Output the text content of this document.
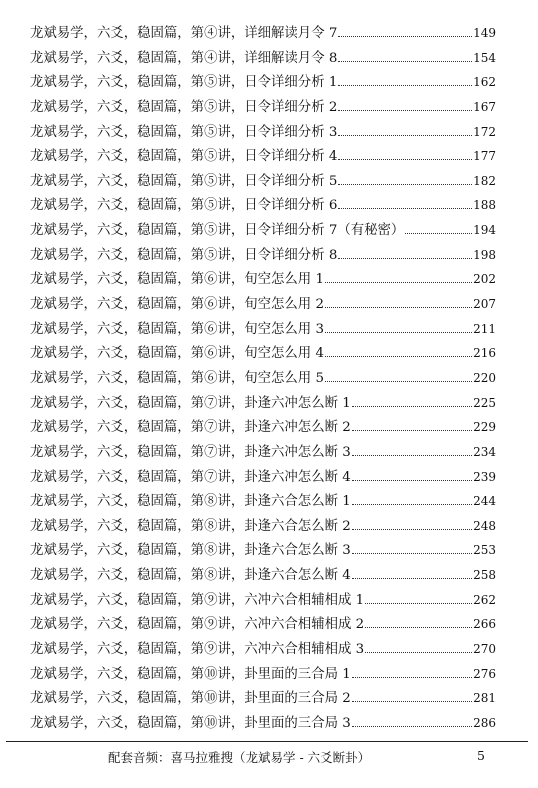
龙斌易学，六爻，稳固篇，第④讲，详细解读月令 7	149
龙斌易学，六爻，稳固篇，第④讲，详细解读月令 8	154
龙斌易学，六爻，稳固篇，第⑤讲，日令详细分析 1	162
龙斌易学，六爻，稳固篇，第⑤讲，日令详细分析 2	167
龙斌易学，六爻，稳固篇，第⑤讲，日令详细分析 3	172
龙斌易学，六爻，稳固篇，第⑤讲，日令详细分析 4	177
龙斌易学，六爻，稳固篇，第⑤讲，日令详细分析 5	182
龙斌易学，六爻，稳固篇，第⑤讲，日令详细分析 6	188
龙斌易学，六爻，稳固篇，第⑤讲，日令详细分析 7（有秘密）	194
龙斌易学，六爻，稳固篇，第⑤讲，日令详细分析 8	198
龙斌易学，六爻，稳固篇，第⑥讲，旬空怎么用 1	202
龙斌易学，六爻，稳固篇，第⑥讲，旬空怎么用 2	207
龙斌易学，六爻，稳固篇，第⑥讲，旬空怎么用 3	211
龙斌易学，六爻，稳固篇，第⑥讲，旬空怎么用 4	216
龙斌易学，六爻，稳固篇，第⑥讲，旬空怎么用 5	220
龙斌易学，六爻，稳固篇，第⑦讲，卦逢六冲怎么断 1	225
龙斌易学，六爻，稳固篇，第⑦讲，卦逢六冲怎么断 2	229
龙斌易学，六爻，稳固篇，第⑦讲，卦逢六冲怎么断 3	234
龙斌易学，六爻，稳固篇，第⑦讲，卦逢六冲怎么断 4	239
龙斌易学，六爻，稳固篇，第⑧讲，卦逢六合怎么断 1	244
龙斌易学，六爻，稳固篇，第⑧讲，卦逢六合怎么断 2	248
龙斌易学，六爻，稳固篇，第⑧讲，卦逢六合怎么断 3	253
龙斌易学，六爻，稳固篇，第⑧讲，卦逢六合怎么断 4	258
龙斌易学，六爻，稳固篇，第⑨讲，六冲六合相辅相成 1	262
龙斌易学，六爻，稳固篇，第⑨讲，六冲六合相辅相成 2	266
龙斌易学，六爻，稳固篇，第⑨讲，六冲六合相辅相成 3	270
龙斌易学，六爻，稳固篇，第⑩讲，卦里面的三合局 1	276
龙斌易学，六爻，稳固篇，第⑩讲，卦里面的三合局 2	281
龙斌易学，六爻，稳固篇，第⑩讲，卦里面的三合局 3	286
配套音频：喜马拉雅搜（龙斌易学 - 六爻断卦）	5
